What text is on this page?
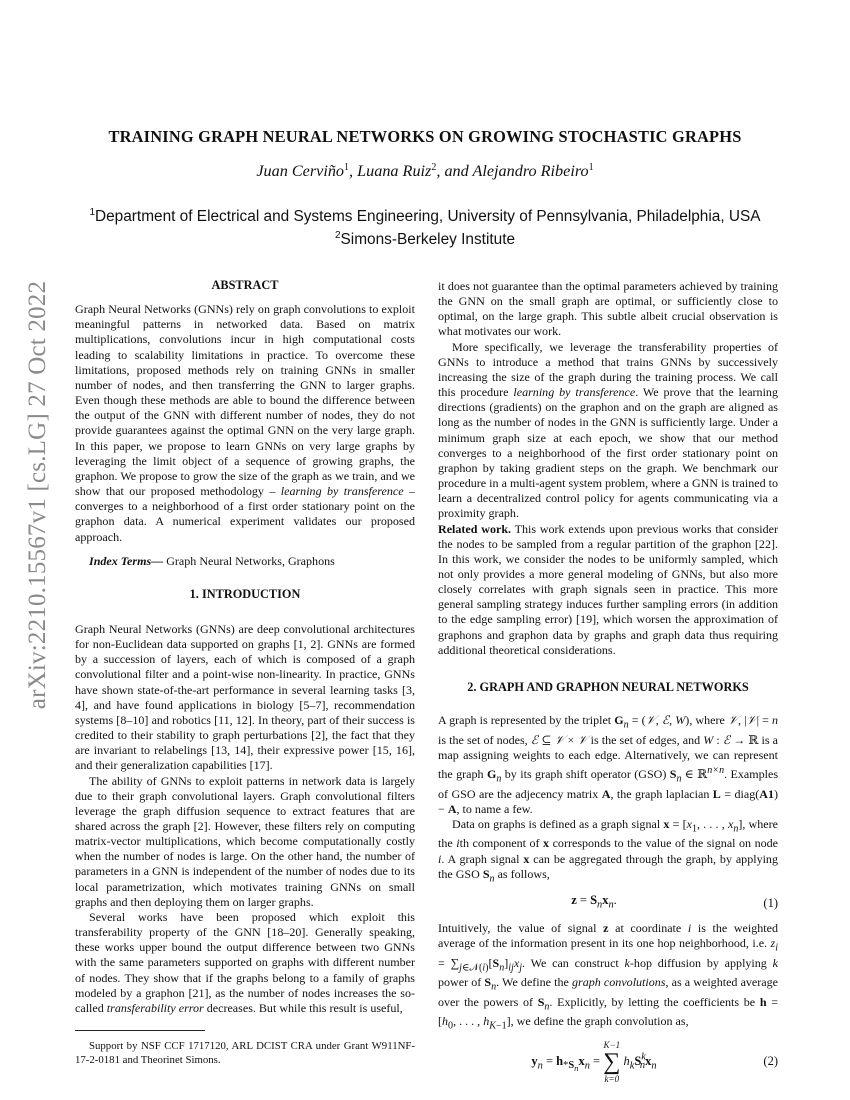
arXiv:2210.15567v1 [cs.LG] 27 Oct 2022
TRAINING GRAPH NEURAL NETWORKS ON GROWING STOCHASTIC GRAPHS
Juan Cerviño$^1$, Luana Ruiz$^2$, and Alejandro Ribeiro$^1$
$^1$Department of Electrical and Systems Engineering, University of Pennsylvania, Philadelphia, USA
$^2$Simons-Berkeley Institute

ABSTRACT

Graph Neural Networks (GNNs) rely on graph convolutions to exploit meaningful patterns in networked data. Based on matrix multiplications, convolutions incur in high computational costs leading to scalability limitations in practice. To overcome these limitations, proposed methods rely on training GNNs in smaller number of nodes, and then transferring the GNN to larger graphs. Even though these methods are able to bound the difference between the output of the GNN with different number of nodes, they do not provide guarantees against the optimal GNN on the very large graph. In this paper, we propose to learn GNNs on very large graphs by leveraging the limit object of a sequence of growing graphs, the graphon. We propose to grow the size of the graph as we train, and we show that our proposed methodology – learning by transference – converges to a neighborhood of a first order stationary point on the graphon data. A numerical experiment validates our proposed approach.

Index Terms— Graph Neural Networks, Graphons

1. INTRODUCTION

Graph Neural Networks (GNNs) are deep convolutional architectures for non-Euclidean data supported on graphs [1, 2]. GNNs are formed by a succession of layers, each of which is composed of a graph convolutional filter and a point-wise non-linearity. In practice, GNNs have shown state-of-the-art performance in several learning tasks [3, 4], and have found applications in biology [5–7], recommendation systems [8–10] and robotics [11, 12]. In theory, part of their success is credited to their stability to graph perturbations [2], the fact that they are invariant to relabelings [13, 14], their expressive power [15, 16], and their generalization capabilities [17].

The ability of GNNs to exploit patterns in network data is largely due to their graph convolutional layers. Graph convolutional filters leverage the graph diffusion sequence to extract features that are shared across the graph [2]. However, these filters rely on computing matrix-vector multiplications, which become computationally costly when the number of nodes is large. On the other hand, the number of parameters in a GNN is independent of the number of nodes due to its local parametrization, which motivates training GNNs on small graphs and then deploying them on larger graphs.

Several works have been proposed which exploit this transferability property of the GNN [18–20]. Generally speaking, these works upper bound the output difference between two GNNs with the same parameters supported on graphs with different number of nodes. They show that if the graphs belong to a family of graphs modeled by a graphon [21], as the number of nodes increases the so-called transferability error decreases. But while this result is useful,

Support by NSF CCF 1717120, ARL DCIST CRA under Grant W911NF-17-2-0181 and Theorinet Simons.

it does not guarantee than the optimal parameters achieved by training the GNN on the small graph are optimal, or sufficiently close to optimal, on the large graph. This subtle albeit crucial observation is what motivates our work.

More specifically, we leverage the transferability properties of GNNs to introduce a method that trains GNNs by successively increasing the size of the graph during the training process. We call this procedure learning by transference. We prove that the learning directions (gradients) on the graphon and on the graph are aligned as long as the number of nodes in the GNN is sufficiently large. Under a minimum graph size at each epoch, we show that our method converges to a neighborhood of the first order stationary point on graphon by taking gradient steps on the graph. We benchmark our procedure in a multi-agent system problem, where a GNN is trained to learn a decentralized control policy for agents communicating via a proximity graph.

Related work. This work extends upon previous works that consider the nodes to be sampled from a regular partition of the graphon [22]. In this work, we consider the nodes to be uniformly sampled, which not only provides a more general modeling of GNNs, but also more closely correlates with graph signals seen in practice. This more general sampling strategy induces further sampling errors (in addition to the edge sampling error) [19], which worsen the approximation of graphons and graphon data by graphs and graph data thus requiring additional theoretical considerations.

2. GRAPH AND GRAPHON NEURAL NETWORKS

A graph is represented by the triplet $G_n$ = (𝒱, ℰ, W), where 𝒱, |𝒱| = n is the set of nodes, ℰ ⊆ 𝒱 × 𝒱 is the set of edges, and W : ℰ → ℝ is a map assigning weights to each edge. Alternatively, we can represent the graph $G_n$ by its graph shift operator (GSO) $S_n$ ∈ ℝ$^{n\times n}$. Examples of GSO are the adjecency matrix A, the graph laplacian L = diag(A1) − A, to name a few.

Data on graphs is defined as a graph signal $x = [x_1$, . . . , $x_n$], where the ith component of x corresponds to the value of the signal on node i. A graph signal x can be aggregated through the graph, by applying the GSO $S_n$ as follows,

$z = S_nx_n$.	(1)

Intuitively, the value of signal z at coordinate i is the weighted average of the information present in its one hop neighborhood, i.e. $z_i = \sum_{j\in 𝒩(i)}[S_n]_{ij}x_j$. We can construct k-hop diffusion by applying k power of $S_n$. We define the graph convolutions, as a weighted average over the powers of $S_n$. Explicitly, by letting the coefficients be $h = [h_0$, . . . , $h_{K-1}$], we define the graph convolution as,

$y_n = h_{*S_n}x_n$ =
K−1
∑
k=0
$h_kS^k_nx_n$	(2)
